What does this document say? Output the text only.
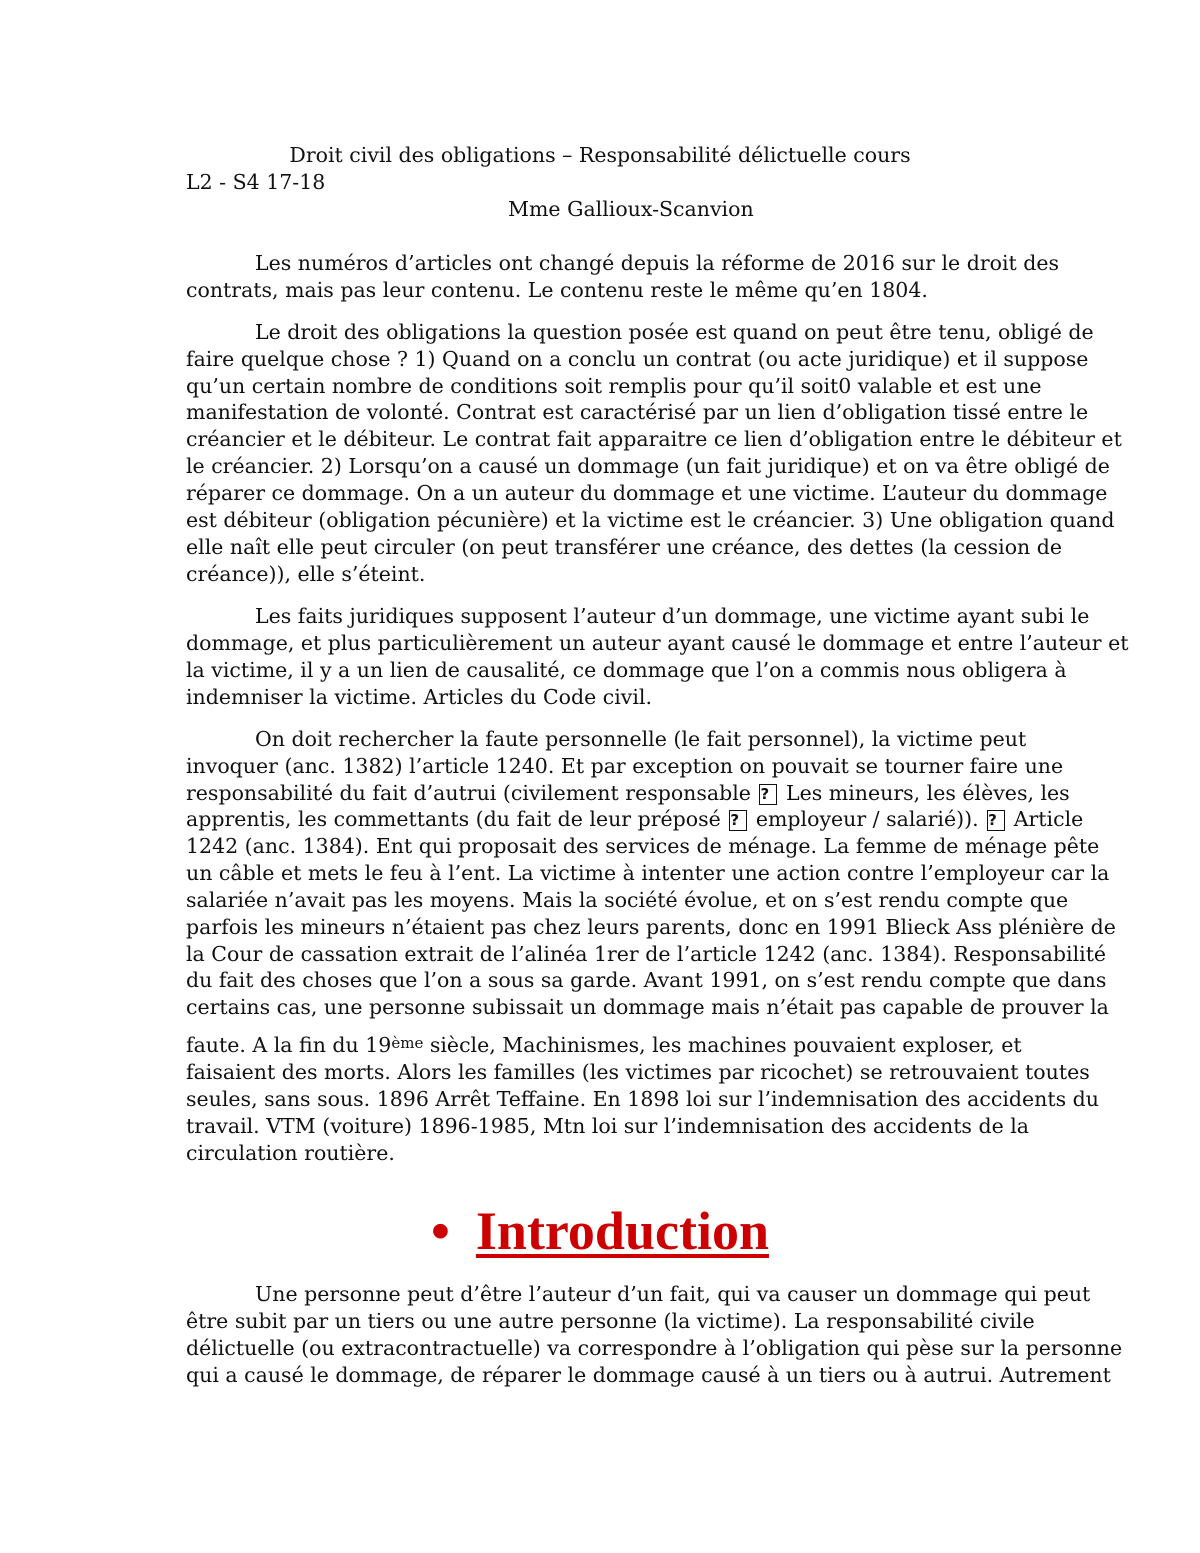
Droit civil des obligations – Responsabilité délictuelle cours
L2 - S4 17-18
Mme Gallioux-Scanvion
Les numéros d’articles ont changé depuis la réforme de 2016 sur le droit des
contrats, mais pas leur contenu. Le contenu reste le même qu’en 1804.
Le droit des obligations la question posée est quand on peut être tenu, obligé de
faire quelque chose ? 1) Quand on a conclu un contrat (ou acte juridique) et il suppose
qu’un certain nombre de conditions soit remplis pour qu’il soit0 valable et est une
manifestation de volonté. Contrat est caractérisé par un lien d’obligation tissé entre le
créancier et le débiteur. Le contrat fait apparaitre ce lien d’obligation entre le débiteur et
le créancier. 2) Lorsqu’on a causé un dommage (un fait juridique) et on va être obligé de
réparer ce dommage. On a un auteur du dommage et une victime. L’auteur du dommage
est débiteur (obligation pécunière) et la victime est le créancier. 3) Une obligation quand
elle naît elle peut circuler (on peut transférer une créance, des dettes (la cession de
créance)), elle s’éteint.
Les faits juridiques supposent l’auteur d’un dommage, une victime ayant subi le
dommage, et plus particulièrement un auteur ayant causé le dommage et entre l’auteur et
la victime, il y a un lien de causalité, ce dommage que l’on a commis nous obligera à
indemniser la victime. Articles du Code civil.
On doit rechercher la faute personnelle (le fait personnel), la victime peut
invoquer (anc. 1382) l’article 1240. Et par exception on pouvait se tourner faire une
responsabilité du fait d’autrui (civilement responsable ? Les mineurs, les élèves, les
apprentis, les commettants (du fait de leur préposé ? employeur / salarié)). ? Article
1242 (anc. 1384). Ent qui proposait des services de ménage. La femme de ménage pête
un câble et mets le feu à l’ent. La victime à intenter une action contre l’employeur car la
salariée n’avait pas les moyens. Mais la société évolue, et on s’est rendu compte que
parfois les mineurs n’étaient pas chez leurs parents, donc en 1991 Blieck Ass plénière de
la Cour de cassation extrait de l’alinéa 1rer de l’article 1242 (anc. 1384). Responsabilité
du fait des choses que l’on a sous sa garde. Avant 1991, on s’est rendu compte que dans
certains cas, une personne subissait un dommage mais n’était pas capable de prouver la
faute. A la fin du 19ème siècle, Machinismes, les machines pouvaient exploser, et
faisaient des morts. Alors les familles (les victimes par ricochet) se retrouvaient toutes
seules, sans sous. 1896 Arrêt Teffaine. En 1898 loi sur l’indemnisation des accidents du
travail. VTM (voiture) 1896-1985, Mtn loi sur l’indemnisation des accidents de la
circulation routière.
• Introduction
Une personne peut d’être l’auteur d’un fait, qui va causer un dommage qui peut
être subit par un tiers ou une autre personne (la victime). La responsabilité civile
délictuelle (ou extracontractuelle) va correspondre à l’obligation qui pèse sur la personne
qui a causé le dommage, de réparer le dommage causé à un tiers ou à autrui. Autrement
